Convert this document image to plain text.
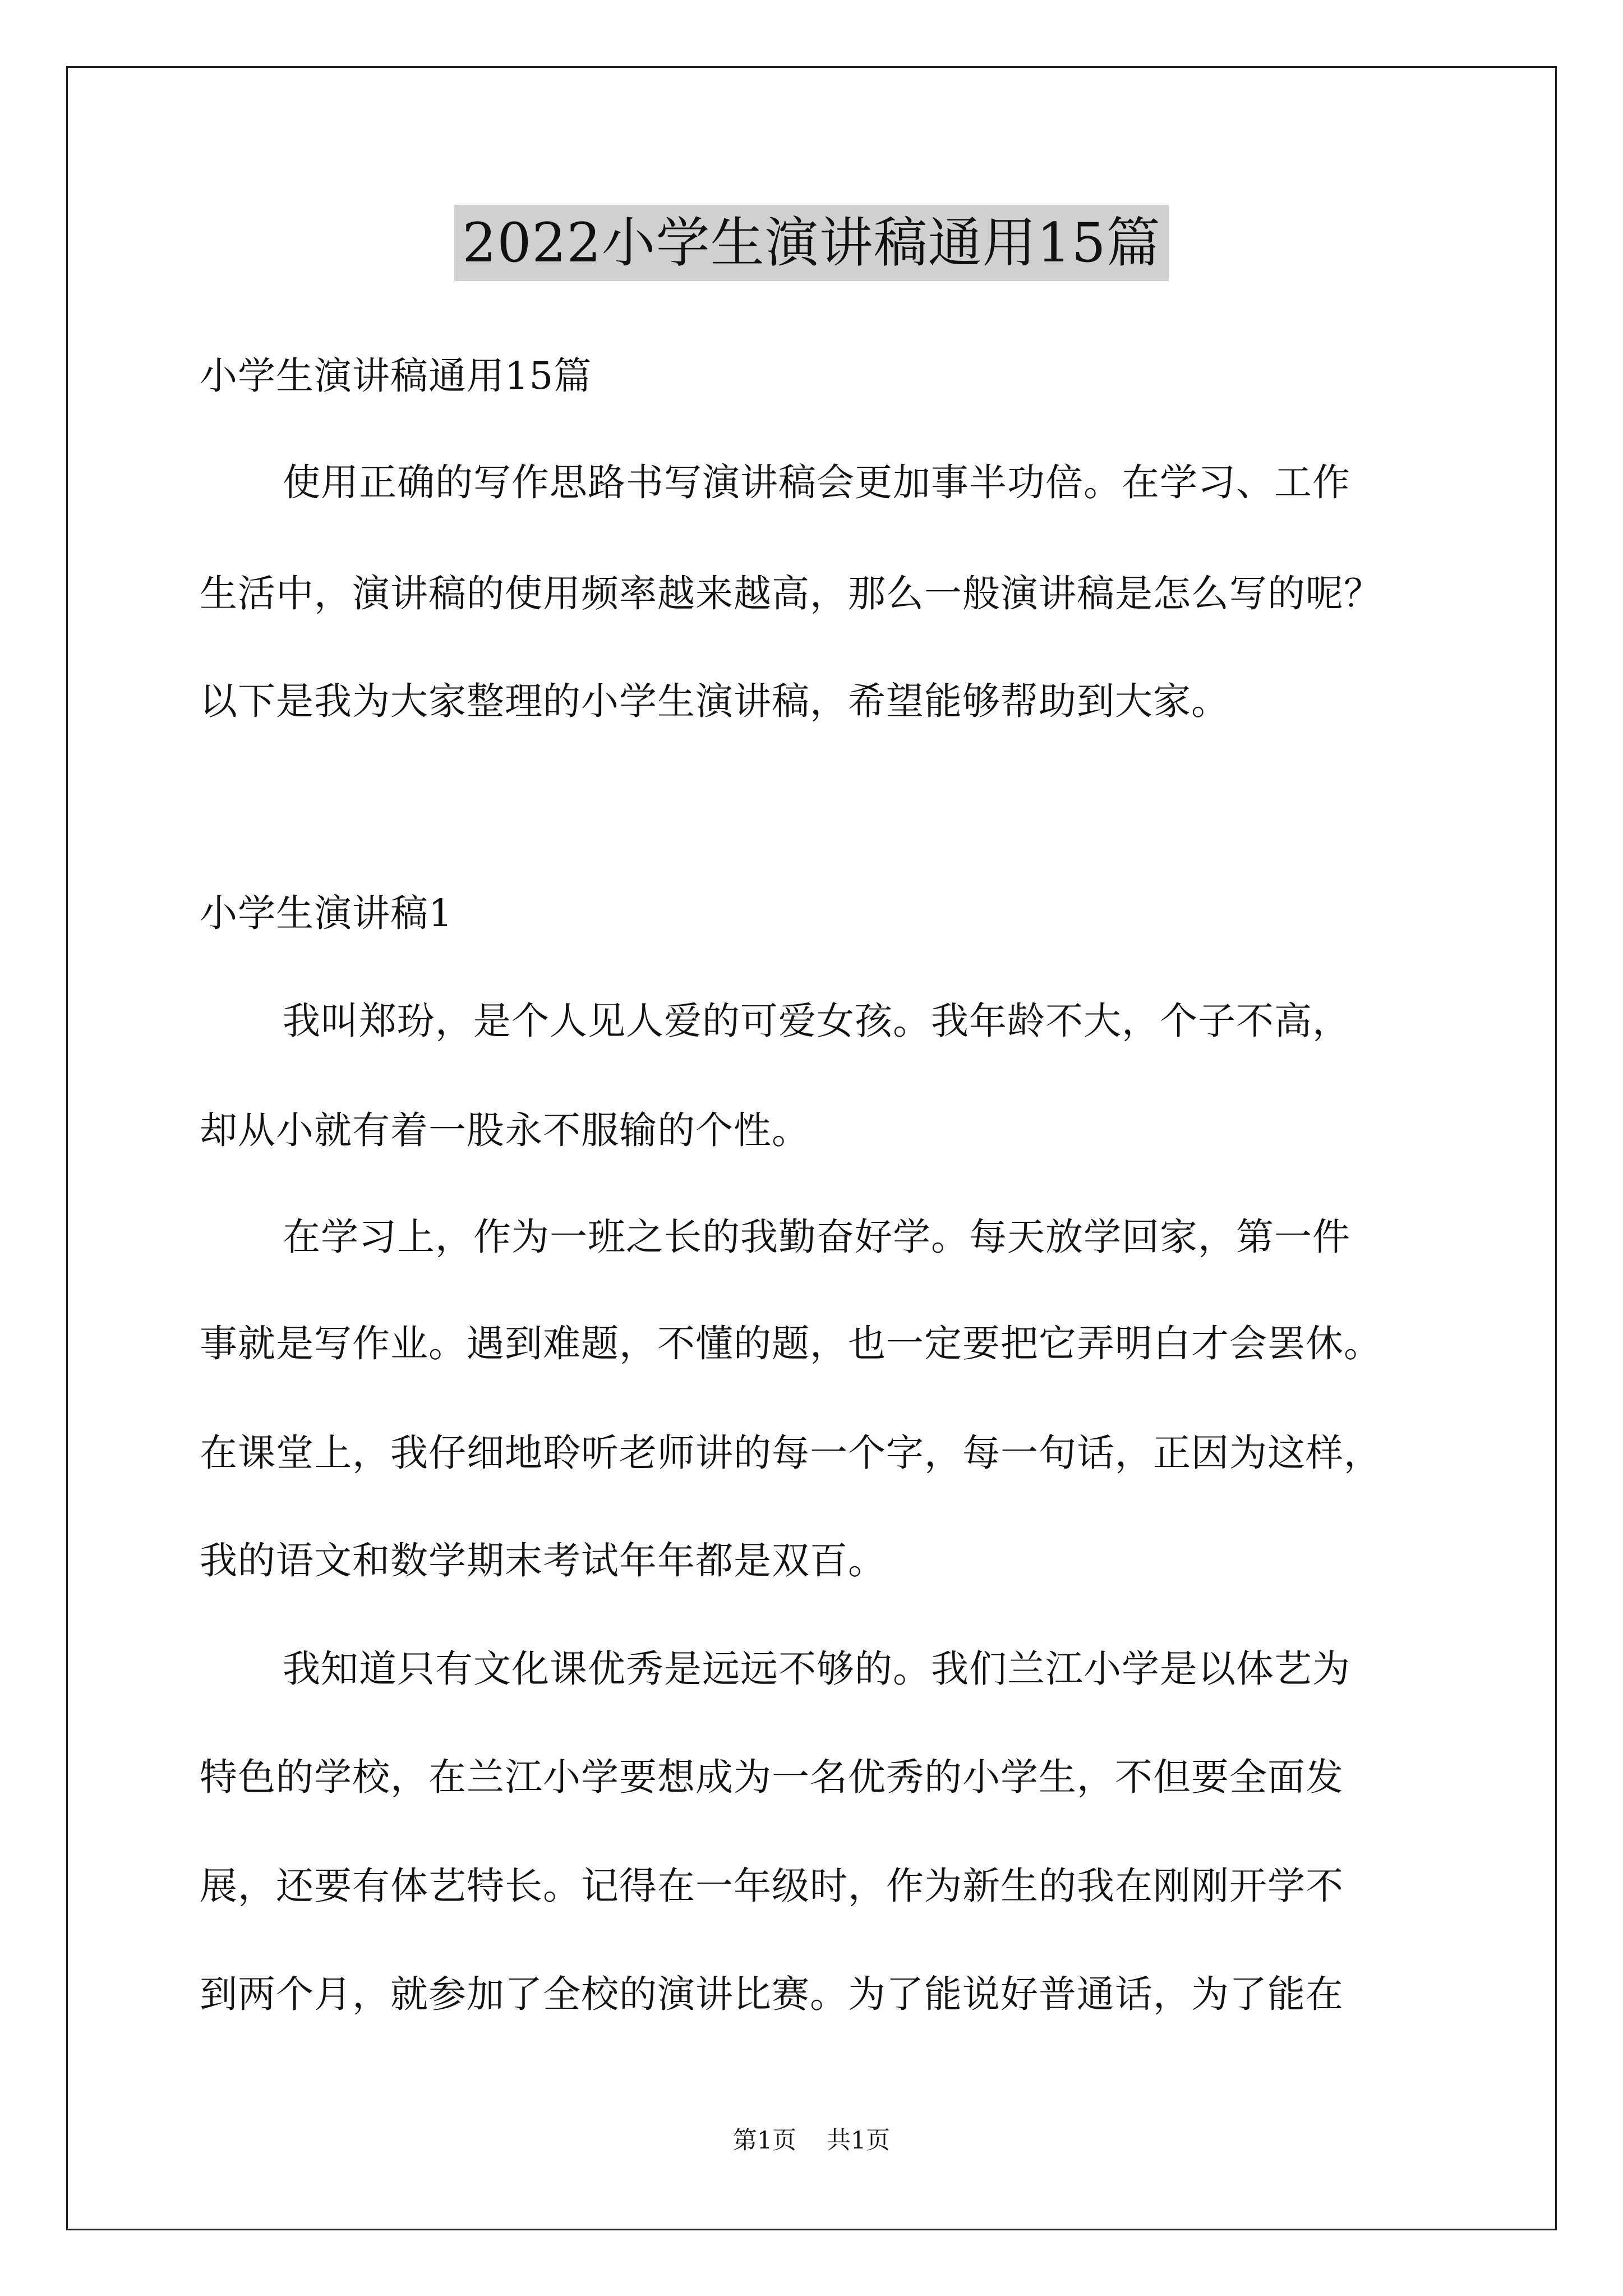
2022小学生演讲稿通用15篇
小学生演讲稿通用15篇
使用正确的写作思路书写演讲稿会更加事半功倍。在学习、工作
生活中，演讲稿的使用频率越来越高，那么一般演讲稿是怎么写的呢？
以下是我为大家整理的小学生演讲稿，希望能够帮助到大家。
小学生演讲稿1
我叫郑玢，是个人见人爱的可爱女孩。我年龄不大，个子不高，
却从小就有着一股永不服输的个性。
在学习上，作为一班之长的我勤奋好学。每天放学回家，第一件
事就是写作业。遇到难题，不懂的题，也一定要把它弄明白才会罢休。
在课堂上，我仔细地聆听老师讲的每一个字，每一句话，正因为这样，
我的语文和数学期末考试年年都是双百。
我知道只有文化课优秀是远远不够的。我们兰江小学是以体艺为
特色的学校，在兰江小学要想成为一名优秀的小学生，不但要全面发
展，还要有体艺特长。记得在一年级时，作为新生的我在刚刚开学不
到两个月，就参加了全校的演讲比赛。为了能说好普通话，为了能在
第1页 共1页
